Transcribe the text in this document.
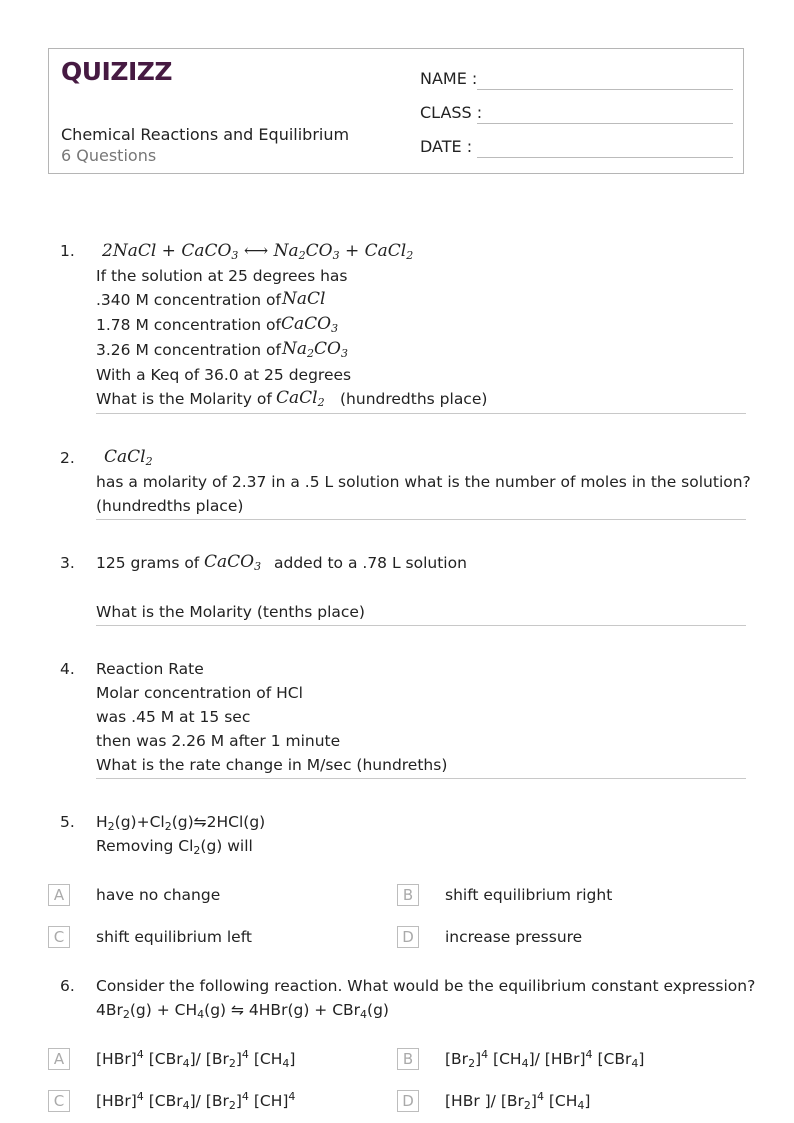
QUIZIZZ
Chemical Reactions and Equilibrium
6 Questions
NAME :
CLASS :
DATE :
1. 2NaCl + CaCO$_3$ ⟷ $Na_2CO_3$ + CaCl$_2$
If the solution at 25 degrees has
.340 M concentration of NaCl
1.78 M concentration of CaCO$_3$
3.26 M concentration of $Na_2CO_3$
With a Keq of 36.0 at 25 degrees
What is the Molarity of CaCl$_2$ (hundredths place)
2. CaCl$_2$
has a molarity of 2.37 in a .5 L solution what is the number of moles in the solution?
(hundredths place)
3. 125 grams of CaCO$_3$ added to a .78 L solution
What is the Molarity (tenths place)
4. Reaction Rate
Molar concentration of HCl
was .45 M at 15 sec
then was 2.26 M after 1 minute
What is the rate change in M/sec (hundreths)
5. $H_2(g)+Cl_2(g)⇋2HCl(g)$
Removing $Cl_2(g)$ will
A	have no change	B	shift equilibrium right
C	shift equilibrium left	D	increase pressure
6. Consider the following reaction. What would be the equilibrium constant expression?
$4Br_2(g) + CH_4(g)$ ⇋ 4HBr(g) + CBr$_4$(g)
A	[HBr]$^4$ [CBr$_4$]/ $[Br_2]^4$ $[CH_4]$	B	$[Br_2]^4$ $[CH_4]/$ [HBr]$^4$ [CBr$_4$]
C	[HBr]$^4$ [CBr$_4$]/ $[Br_2]^4$ [CH]$^4$	D	[HBr ]/ $[Br_2]^4$ $[CH_4]$
